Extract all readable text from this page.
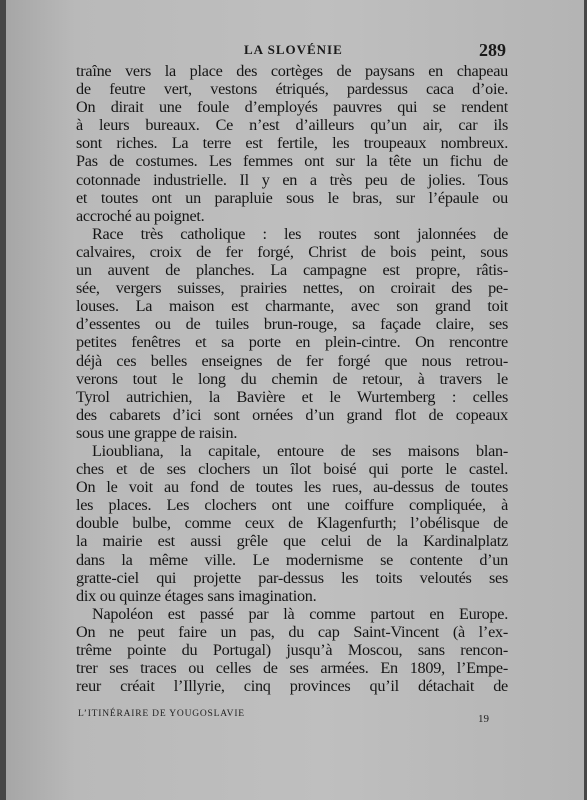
LA SLOVÉNIE	289

traîne vers la place des cortèges de paysans en chapeau
de feutre vert, vestons étriqués, pardessus caca d’oie.
On dirait une foule d’employés pauvres qui se rendent
à leurs bureaux. Ce n’est d’ailleurs qu’un air, car ils
sont riches. La terre est fertile, les troupeaux nombreux.
Pas de costumes. Les femmes ont sur la tête un fichu de
cotonnade industrielle. Il y en a très peu de jolies. Tous
et toutes ont un parapluie sous le bras, sur l’épaule ou
accroché au poignet.

Race très catholique : les routes sont jalonnées de
calvaires, croix de fer forgé, Christ de bois peint, sous
un auvent de planches. La campagne est propre, râtis-
sée, vergers suisses, prairies nettes, on croirait des pe-
louses. La maison est charmante, avec son grand toit
d’essentes ou de tuiles brun-rouge, sa façade claire, ses
petites fenêtres et sa porte en plein-cintre. On rencontre
déjà ces belles enseignes de fer forgé que nous retrou-
verons tout le long du chemin de retour, à travers le
Tyrol autrichien, la Bavière et le Wurtemberg : celles
des cabarets d’ici sont ornées d’un grand flot de copeaux
sous une grappe de raisin.

Lioubliana, la capitale, entoure de ses maisons blan-
ches et de ses clochers un îlot boisé qui porte le castel.
On le voit au fond de toutes les rues, au-dessus de toutes
les places. Les clochers ont une coiffure compliquée, à
double bulbe, comme ceux de Klagenfurth; l’obélisque de
la mairie est aussi grêle que celui de la Kardinalplatz
dans la même ville. Le modernisme se contente d’un
gratte-ciel qui projette par-dessus les toits veloutés ses
dix ou quinze étages sans imagination.

Napoléon est passé par là comme partout en Europe.
On ne peut faire un pas, du cap Saint-Vincent (à l’ex-
trême pointe du Portugal) jusqu’à Moscou, sans rencon-
trer ses traces ou celles de ses armées. En 1809, l’Empe-
reur créait l’Illyrie, cinq provinces qu’il détachait de

L’ITINÉRAIRE DE YOUGOSLAVIE	19
